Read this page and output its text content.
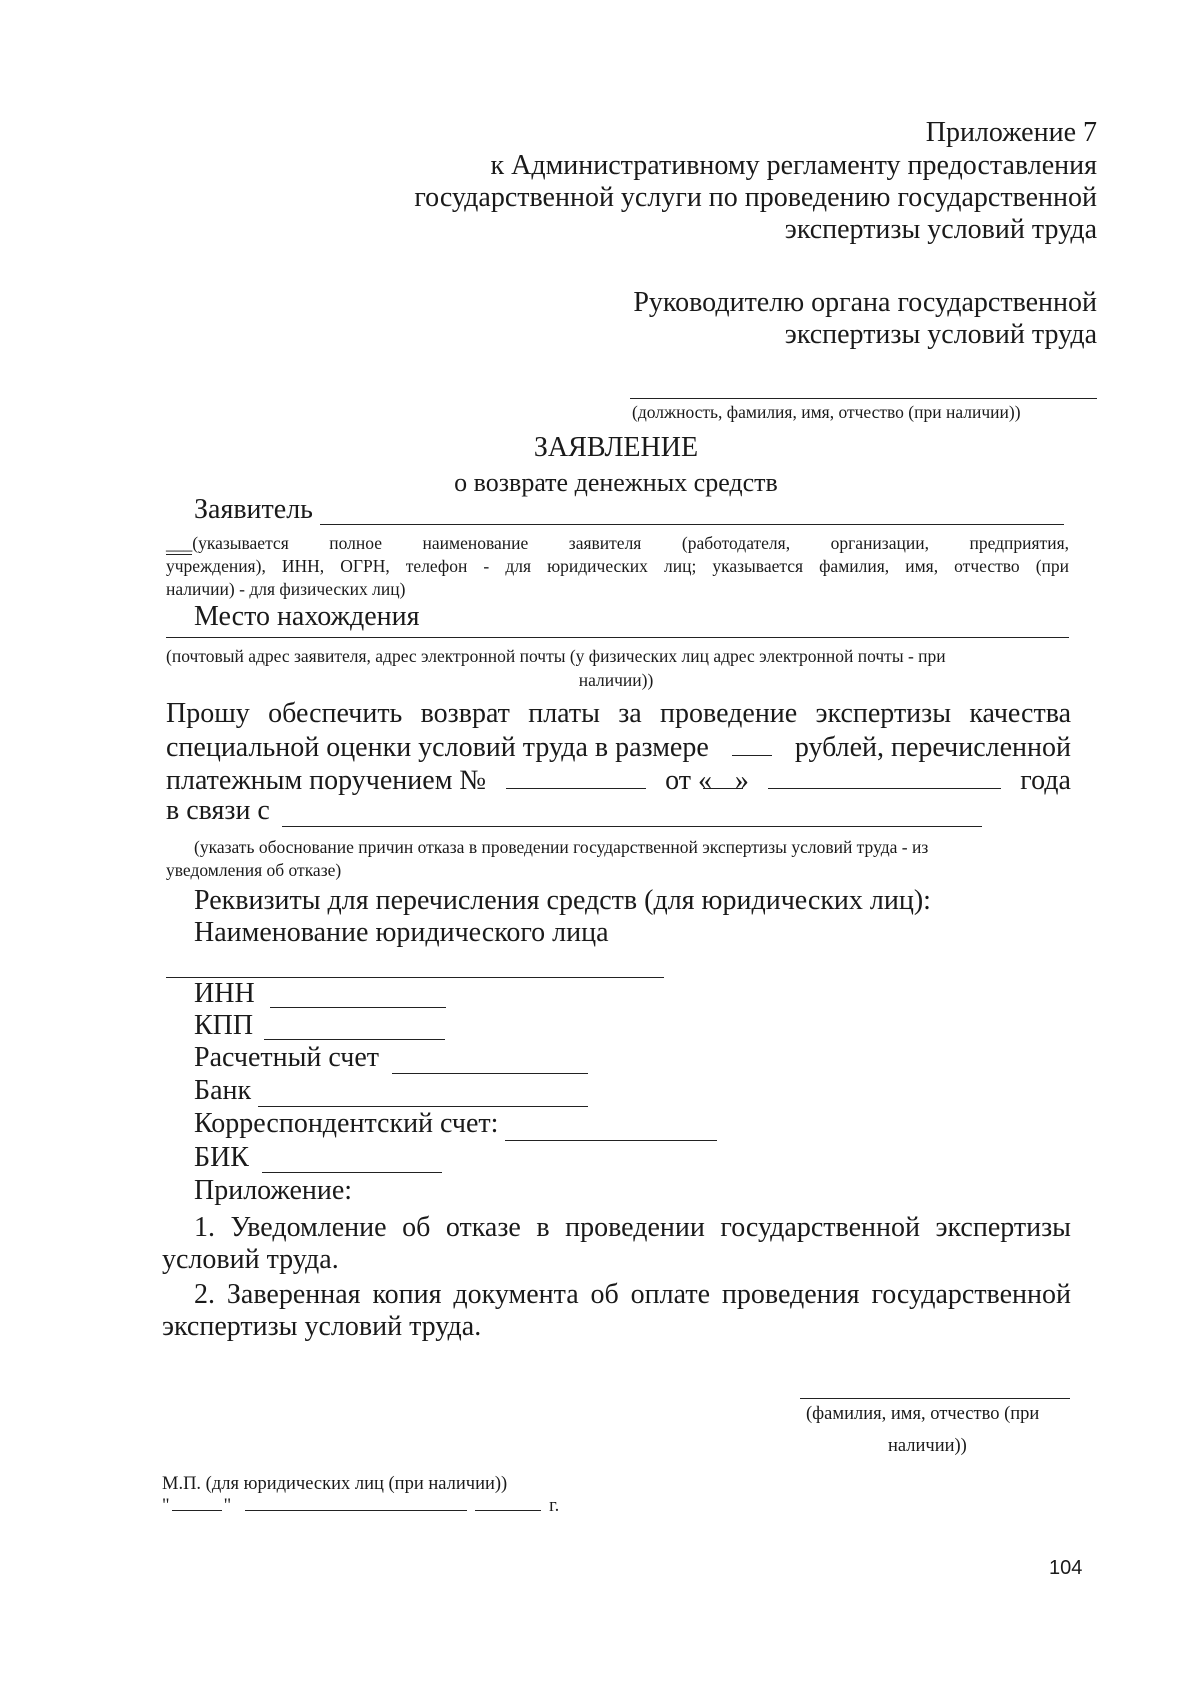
Приложение 7
к Административному регламенту предоставления
государственной услуги по проведению государственной
экспертизы условий труда
Руководителю органа государственной
экспертизы условий труда
(должность, фамилия, имя, отчество (при наличии))
ЗАЯВЛЕНИЕ
о возврате денежных средств
Заявитель
___ (указывается полное наименование заявителя (работодателя, организации, предприятия,
учреждения), ИНН, ОГРН, телефон - для юридических лиц; указывается фамилия, имя, отчество (при
наличии) - для физических лиц)
Место нахождения
(почтовый адрес заявителя, адрес электронной почты (у физических лиц адрес электронной почты - при
наличии))
Прошу обеспечить возврат платы за проведение экспертизы качества
специальной оценки условий труда в размере	рублей, перечисленной
платежным поручением №	от « »	года
в связи с
(указать обоснование причин отказа в проведении государственной экспертизы условий труда - из
уведомления об отказе)
Реквизиты для перечисления средств (для юридических лиц):
Наименование юридического лица
ИНН
КПП
Расчетный счет
Банк
Корреспондентский счет:
БИК
Приложение:
1. Уведомление об отказе в проведении государственной экспертизы
условий труда.
2. Заверенная копия документа об оплате проведения государственной
экспертизы условий труда.
(фамилия, имя, отчество (при
наличии))
М.П. (для юридических лиц (при наличии))
"	"	г.
104
